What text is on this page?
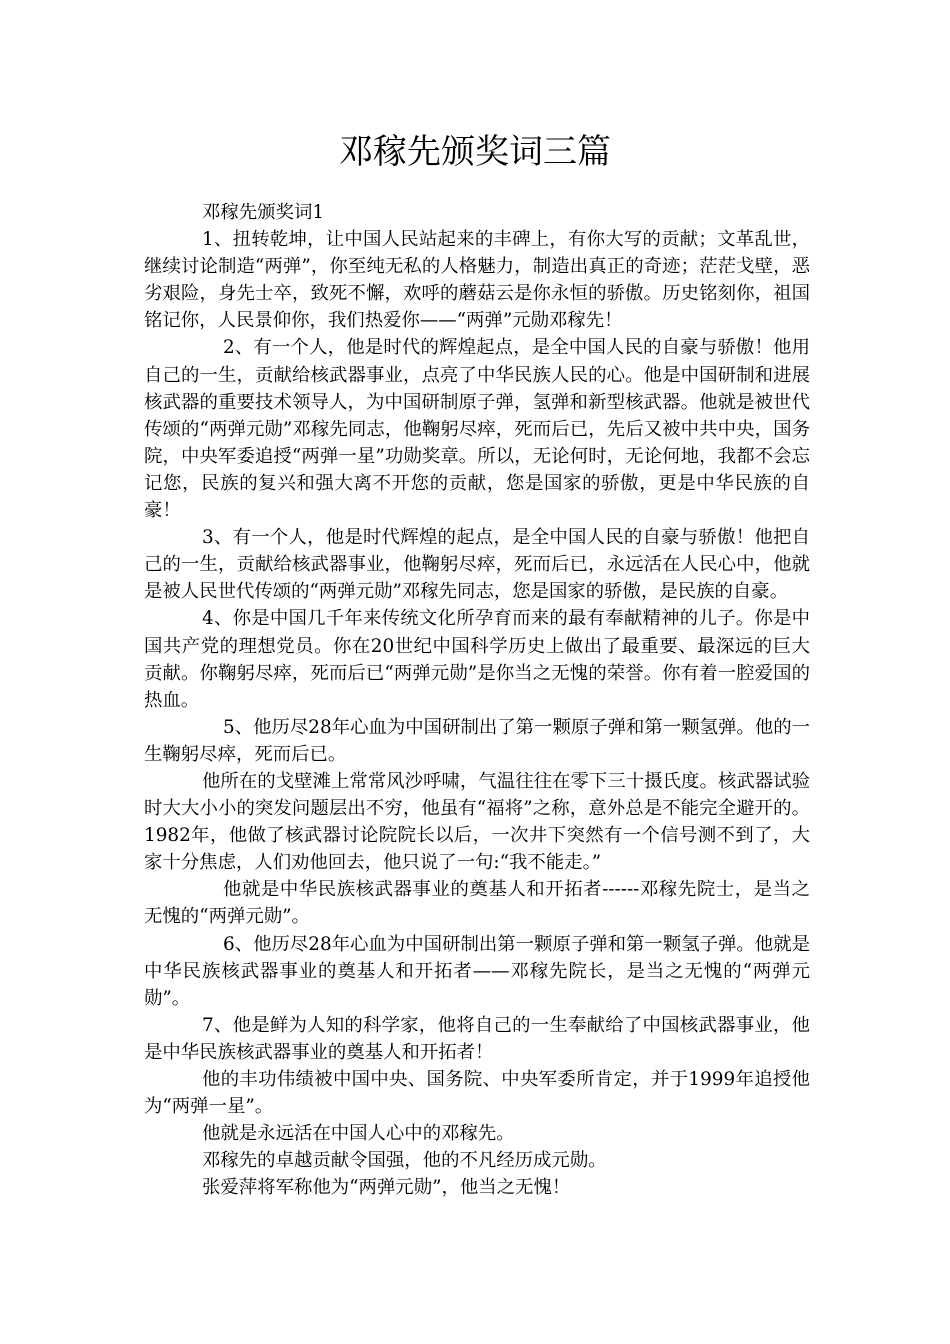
邓稼先颁奖词三篇

邓稼先颁奖词1

1、扭转乾坤，让中国人民站起来的丰碑上，有你大写的贡献；文革乱世，继续讨论制造“两弹”，你至纯无私的人格魅力，制造出真正的奇迹；茫茫戈壁，恶劣艰险，身先士卒，致死不懈，欢呼的蘑菇云是你永恒的骄傲。历史铭刻你，祖国铭记你，人民景仰你，我们热爱你——“两弹”元勋邓稼先！

2、有一个人，他是时代的辉煌起点，是全中国人民的自豪与骄傲！他用自己的一生，贡献给核武器事业，点亮了中华民族人民的心。他是中国研制和进展核武器的重要技术领导人，为中国研制原子弹，氢弹和新型核武器。他就是被世代传颂的“两弹元勋”邓稼先同志，他鞠躬尽瘁，死而后已，先后又被中共中央，国务院，中央军委追授“两弹一星”功勋奖章。所以，无论何时，无论何地，我都不会忘记您，民族的复兴和强大离不开您的贡献，您是国家的骄傲，更是中华民族的自豪！

3、有一个人，他是时代辉煌的起点，是全中国人民的自豪与骄傲！他把自己的一生，贡献给核武器事业，他鞠躬尽瘁，死而后已，永远活在人民心中，他就是被人民世代传颂的“两弹元勋”邓稼先同志，您是国家的骄傲，是民族的自豪。

4、你是中国几千年来传统文化所孕育而来的最有奉献精神的儿子。你是中国共产党的理想党员。你在20世纪中国科学历史上做出了最重要、最深远的巨大贡献。你鞠躬尽瘁，死而后已“两弹元勋”是你当之无愧的荣誉。你有着一腔爱国的热血。

5、他历尽28年心血为中国研制出了第一颗原子弹和第一颗氢弹。他的一生鞠躬尽瘁，死而后已。

他所在的戈壁滩上常常风沙呼啸，气温往往在零下三十摄氏度。核武器试验时大大小小的突发问题层出不穷，他虽有“福将”之称，意外总是不能完全避开的。1982年，他做了核武器讨论院院长以后，一次井下突然有一个信号测不到了，大家十分焦虑，人们劝他回去，他只说了一句:“我不能走。”

他就是中华民族核武器事业的奠基人和开拓者------邓稼先院士，是当之无愧的“两弹元勋”。

6、他历尽28年心血为中国研制出第一颗原子弹和第一颗氢子弹。他就是中华民族核武器事业的奠基人和开拓者——邓稼先院长，是当之无愧的“两弹元勋”。

7、他是鲜为人知的科学家，他将自己的一生奉献给了中国核武器事业，他是中华民族核武器事业的奠基人和开拓者！

他的丰功伟绩被中国中央、国务院、中央军委所肯定，并于1999年追授他为“两弹一星”。

他就是永远活在中国人心中的邓稼先。

邓稼先的卓越贡献令国强，他的不凡经历成元勋。

张爱萍将军称他为“两弹元勋”，他当之无愧！
